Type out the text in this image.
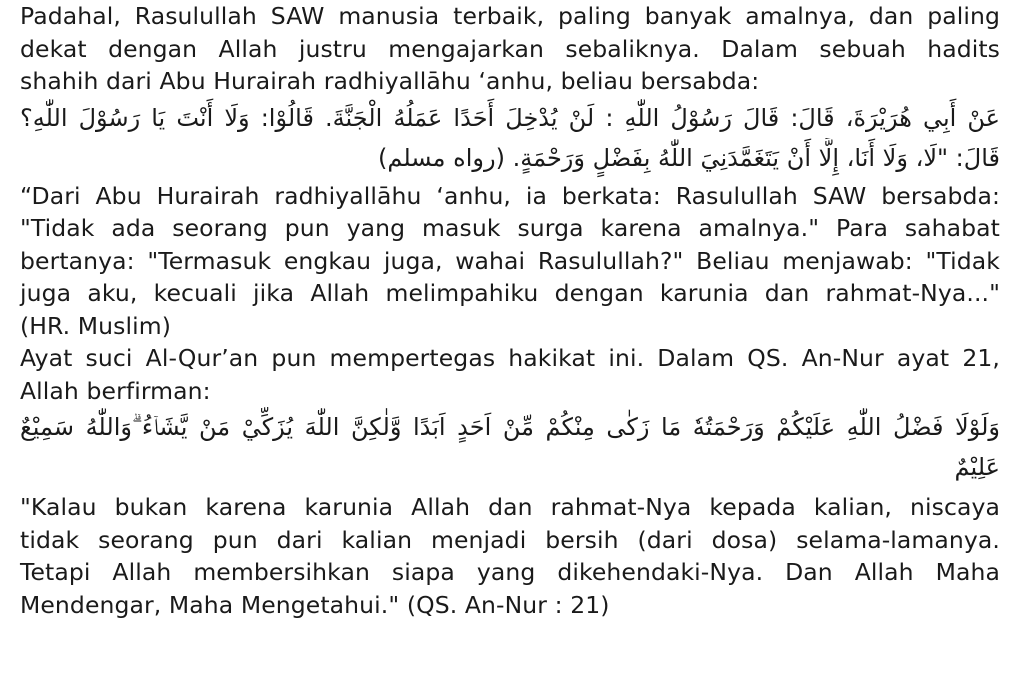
Padahal, Rasulullah SAW manusia terbaik, paling banyak amalnya, dan paling
dekat dengan Allah justru mengajarkan sebaliknya. Dalam sebuah hadits
shahih dari Abu Hurairah radhiyallāhu ‘anhu, beliau bersabda:
عَنْ أَبِي هُرَيْرَةَ، قَالَ: قَالَ رَسُوْلُ اللّٰهِ : لَنْ يُدْخِلَ أَحَدًا عَمَلُهُ الْجَنَّةَ. قَالُوْا: وَلَا أَنْتَ يَا رَسُوْلَ اللّٰهِ؟
قَالَ: "لَا، وَلَا أَنَا، إِلَّا أَنْ يَتَغَمَّدَنِيَ اللّٰهُ بِفَضْلٍ وَرَحْمَةٍ. (رواه مسلم)
“Dari Abu Hurairah radhiyallāhu ‘anhu, ia berkata: Rasulullah SAW bersabda:
"Tidak ada seorang pun yang masuk surga karena amalnya." Para sahabat
bertanya: "Termasuk engkau juga, wahai Rasulullah?" Beliau menjawab: "Tidak
juga aku, kecuali jika Allah melimpahiku dengan karunia dan rahmat-Nya..."
(HR. Muslim)
Ayat suci Al-Qur’an pun mempertegas hakikat ini. Dalam QS. An-Nur ayat 21,
Allah berfirman:
وَلَوْلَا فَضْلُ اللّٰهِ عَلَيْكُمْ وَرَحْمَتُهٗ مَا زَكٰى مِنْكُمْ مِّنْ اَحَدٍ اَبَدًا وَّلٰكِنَّ اللّٰهَ يُزَكِّيْ مَنْ يَّشَاۤءُ ۗوَاللّٰهُ سَمِيْعٌ
عَلِيْمٌ
"Kalau bukan karena karunia Allah dan rahmat-Nya kepada kalian, niscaya
tidak seorang pun dari kalian menjadi bersih (dari dosa) selama-lamanya.
Tetapi Allah membersihkan siapa yang dikehendaki-Nya. Dan Allah Maha
Mendengar, Maha Mengetahui." (QS. An-Nur : 21)
